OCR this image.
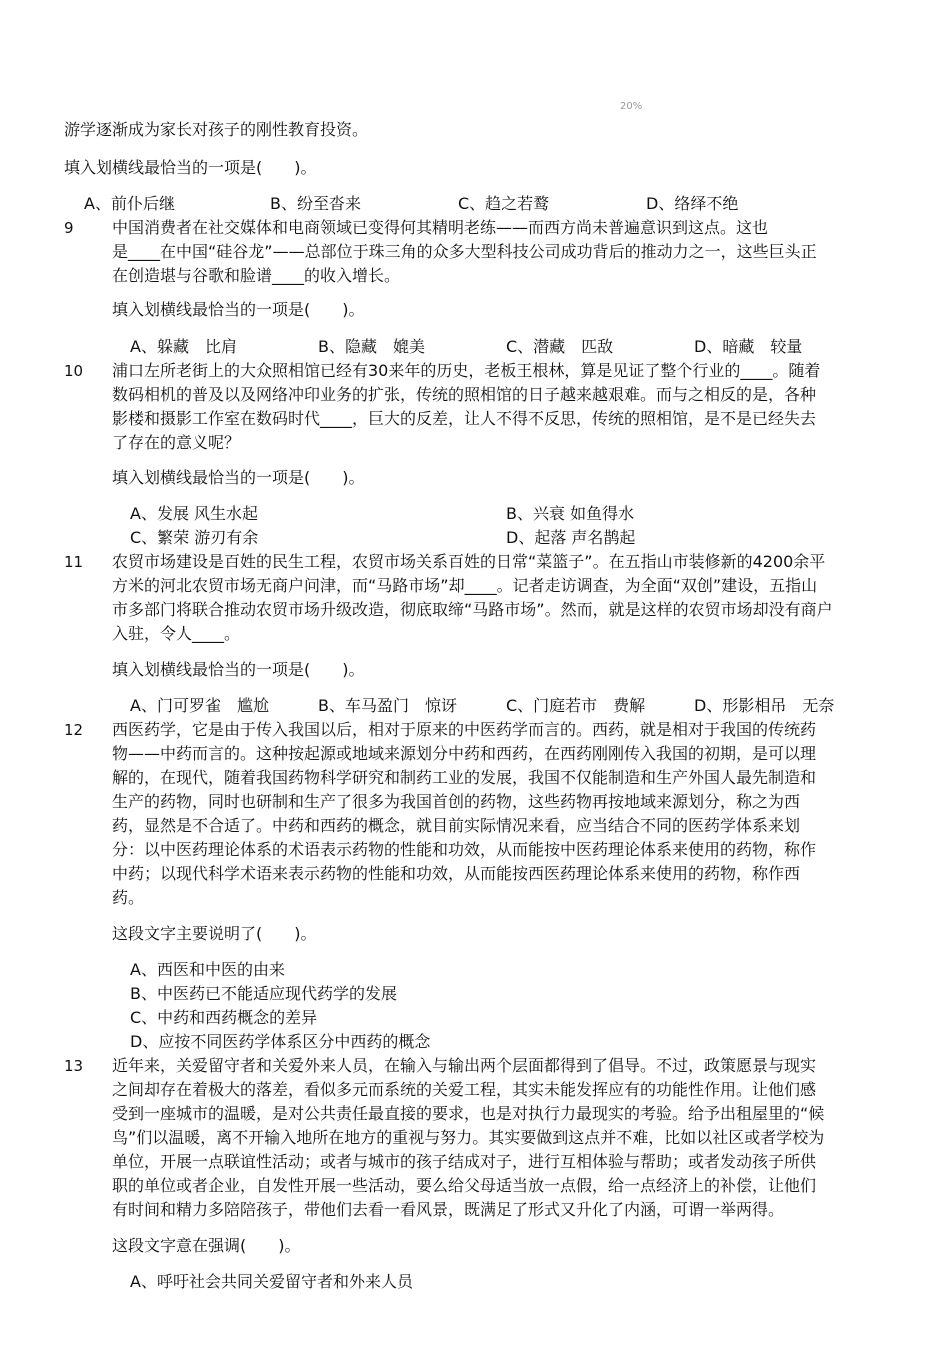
20%
游学逐渐成为家长对孩子的刚性教育投资。
填入划横线最恰当的一项是(　　)。
A、前仆后继	B、纷至沓来	C、趋之若鹜	D、络绎不绝
9 中国消费者在社交媒体和电商领域已变得何其精明老练——而西方尚未普遍意识到这点。这也
是____在中国“硅谷龙”——总部位于珠三角的众多大型科技公司成功背后的推动力之一，这些巨头正
在创造堪与谷歌和脸谱____的收入增长。
填入划横线最恰当的一项是(　　)。
A、躲藏　比肩	B、隐藏　媲美	C、潜藏　匹敌	D、暗藏　较量
10 浦口左所老街上的大众照相馆已经有30来年的历史，老板王根林，算是见证了整个行业的____。随着
数码相机的普及以及网络冲印业务的扩张，传统的照相馆的日子越来越艰难。而与之相反的是，各种
影楼和摄影工作室在数码时代____，巨大的反差，让人不得不反思，传统的照相馆，是不是已经失去
了存在的意义呢？
填入划横线最恰当的一项是(　　)。
A、发展 风生水起	B、兴衰 如鱼得水
C、繁荣 游刃有余	D、起落 声名鹊起
11 农贸市场建设是百姓的民生工程，农贸市场关系百姓的日常“菜篮子”。在五指山市装修新的4200余平
方米的河北农贸市场无商户问津，而“马路市场”却____。记者走访调查，为全面“双创”建设，五指山
市多部门将联合推动农贸市场升级改造，彻底取缔“马路市场”。然而，就是这样的农贸市场却没有商户
入驻，令人____。
填入划横线最恰当的一项是(　　)。
A、门可罗雀　尴尬	B、车马盈门　惊讶	C、门庭若市　费解	D、形影相吊　无奈
12 西医药学，它是由于传入我国以后，相对于原来的中医药学而言的。西药，就是相对于我国的传统药
物——中药而言的。这种按起源或地域来源划分中药和西药，在西药刚刚传入我国的初期，是可以理
解的，在现代，随着我国药物科学研究和制药工业的发展，我国不仅能制造和生产外国人最先制造和
生产的药物，同时也研制和生产了很多为我国首创的药物，这些药物再按地域来源划分，称之为西
药，显然是不合适了。中药和西药的概念，就目前实际情况来看，应当结合不同的医药学体系来划
分：以中医药理论体系的术语表示药物的性能和功效，从而能按中医药理论体系来使用的药物，称作
中药；以现代科学术语来表示药物的性能和功效，从而能按西医药理论体系来使用的药物，称作西
药。
这段文字主要说明了(　　)。
A、西医和中医的由来
B、中医药已不能适应现代药学的发展
C、中药和西药概念的差异
D、应按不同医药学体系区分中西药的概念
13 近年来，关爱留守者和关爱外来人员，在输入与输出两个层面都得到了倡导。不过，政策愿景与现实
之间却存在着极大的落差，看似多元而系统的关爱工程，其实未能发挥应有的功能性作用。让他们感
受到一座城市的温暖，是对公共责任最直接的要求，也是对执行力最现实的考验。给予出租屋里的“候
鸟”们以温暖，离不开输入地所在地方的重视与努力。其实要做到这点并不难，比如以社区或者学校为
单位，开展一点联谊性活动；或者与城市的孩子结成对子，进行互相体验与帮助；或者发动孩子所供
职的单位或者企业，自发性开展一些活动，要么给父母适当放一点假，给一点经济上的补偿，让他们
有时间和精力多陪陪孩子，带他们去看一看风景，既满足了形式又升化了内涵，可谓一举两得。
这段文字意在强调(　　)。
A、呼吁社会共同关爱留守者和外来人员
